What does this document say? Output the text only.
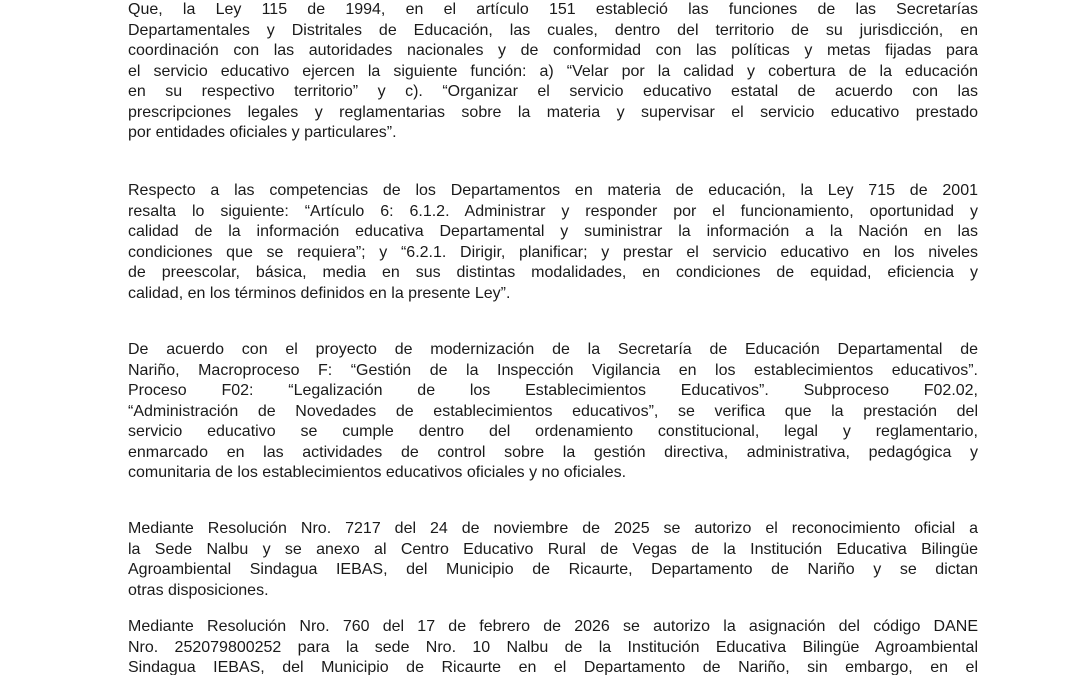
Que, la Ley 115 de 1994, en el artículo 151 estableció las funciones de las Secretarías
Departamentales y Distritales de Educación, las cuales, dentro del territorio de su jurisdicción, en
coordinación con las autoridades nacionales y de conformidad con las políticas y metas fijadas para
el servicio educativo ejercen la siguiente función: a) “Velar por la calidad y cobertura de la educación
en su respectivo territorio” y c). “Organizar el servicio educativo estatal de acuerdo con las
prescripciones legales y reglamentarias sobre la materia y supervisar el servicio educativo prestado
por entidades oficiales y particulares”.
Respecto a las competencias de los Departamentos en materia de educación, la Ley 715 de 2001
resalta lo siguiente: “Artículo 6: 6.1.2. Administrar y responder por el funcionamiento, oportunidad y
calidad de la información educativa Departamental y suministrar la información a la Nación en las
condiciones que se requiera”; y “6.2.1. Dirigir, planificar; y prestar el servicio educativo en los niveles
de preescolar, básica, media en sus distintas modalidades, en condiciones de equidad, eficiencia y
calidad, en los términos definidos en la presente Ley”.
De acuerdo con el proyecto de modernización de la Secretaría de Educación Departamental de
Nariño, Macroproceso F: “Gestión de la Inspección Vigilancia en los establecimientos educativos”.
Proceso F02: “Legalización de los Establecimientos Educativos”. Subproceso F02.02,
“Administración de Novedades de establecimientos educativos”, se verifica que la prestación del
servicio educativo se cumple dentro del ordenamiento constitucional, legal y reglamentario,
enmarcado en las actividades de control sobre la gestión directiva, administrativa, pedagógica y
comunitaria de los establecimientos educativos oficiales y no oficiales.
Mediante Resolución Nro. 7217 del 24 de noviembre de 2025 se autorizo el reconocimiento oficial a
la Sede Nalbu y se anexo al Centro Educativo Rural de Vegas de la Institución Educativa Bilingüe
Agroambiental Sindagua IEBAS, del Municipio de Ricaurte, Departamento de Nariño y se dictan
otras disposiciones.
Mediante Resolución Nro. 760 del 17 de febrero de 2026 se autorizo la asignación del código DANE
Nro. 252079800252 para la sede Nro. 10 Nalbu de la Institución Educativa Bilingüe Agroambiental
Sindagua IEBAS, del Municipio de Ricaurte en el Departamento de Nariño, sin embargo, en el
